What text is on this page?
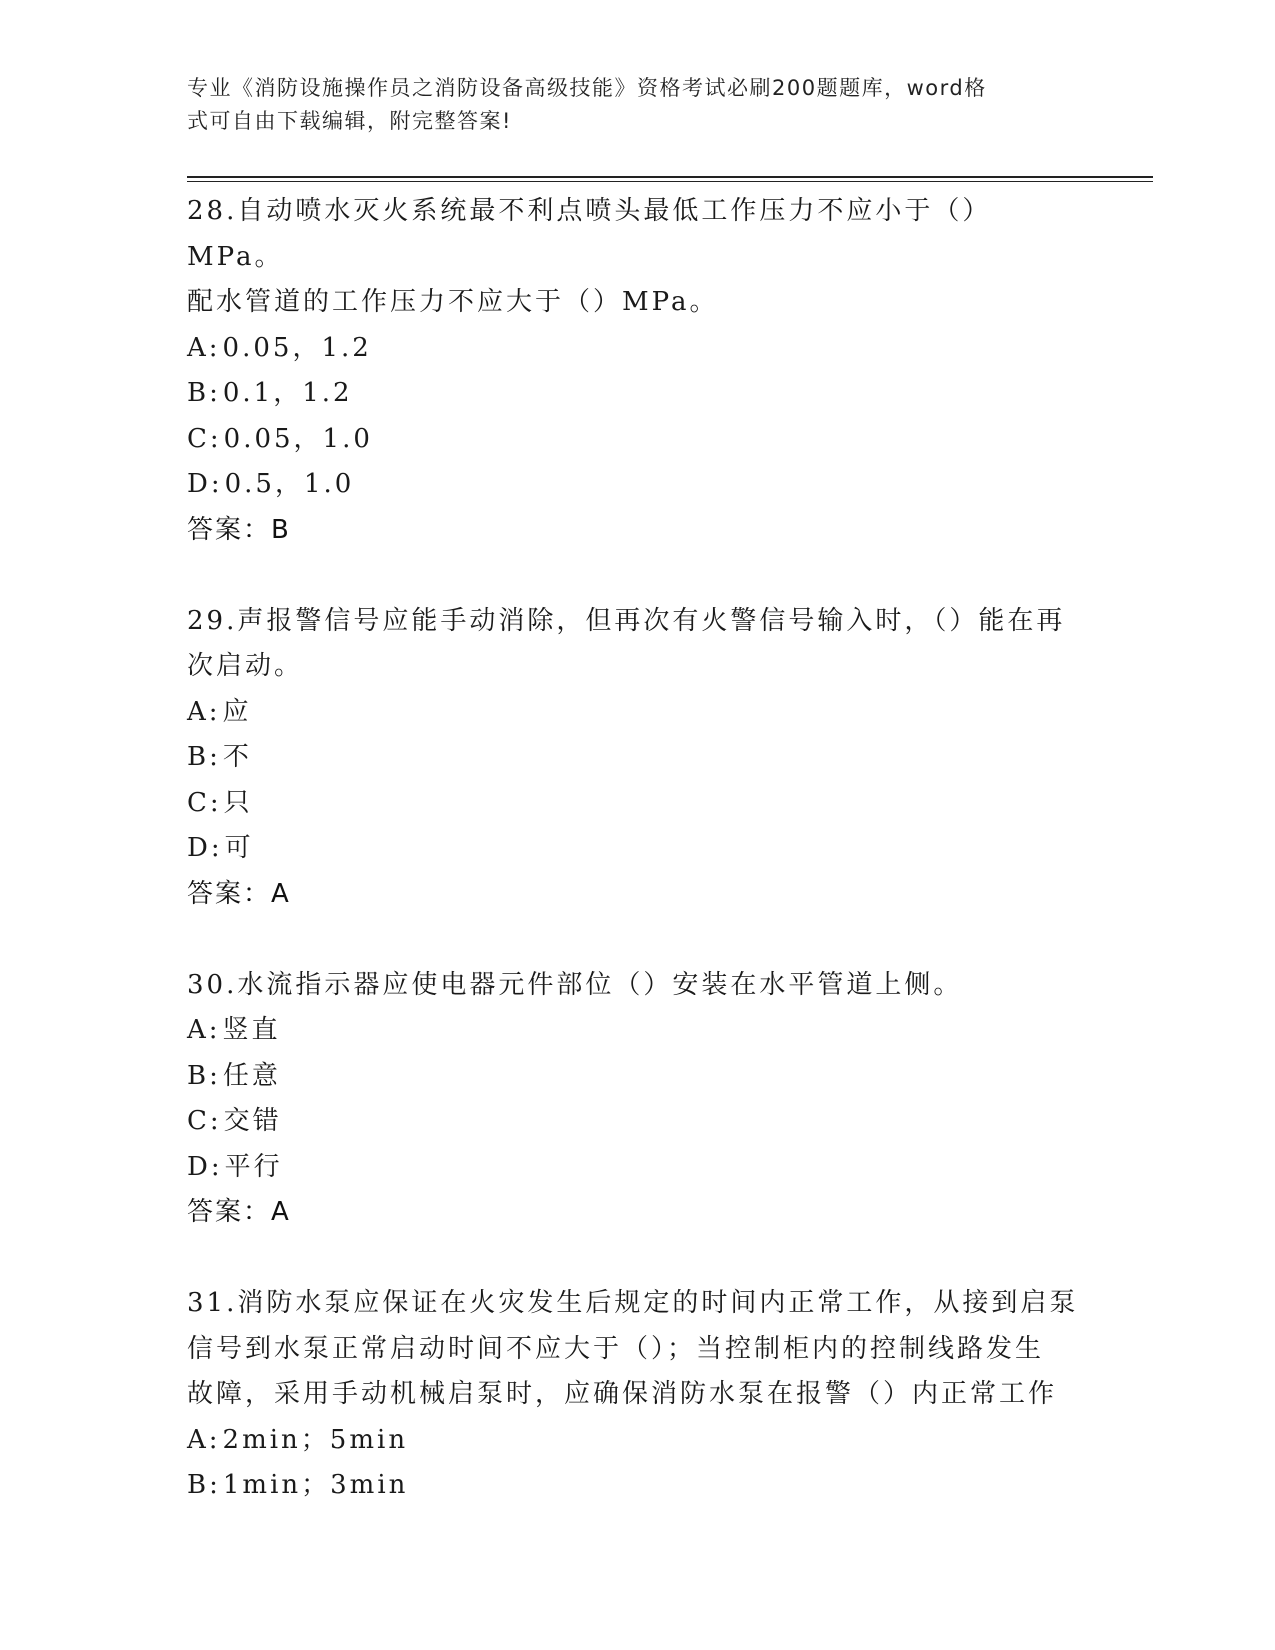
专业《消防设施操作员之消防设备高级技能》资格考试必刷200题题库，word格
式可自由下载编辑，附完整答案!
28.自动喷水灭火系统最不利点喷头最低工作压力不应小于（）MPa。
配水管道的工作压力不应大于（）MPa。
A:0.05，1.2
B:0.1，1.2
C:0.05，1.0
D:0.5，1.0
答案：B
29.声报警信号应能手动消除，但再次有火警信号输入时，（）能在再
次启动。
A:应
B:不
C:只
D:可
答案：A
30.水流指示器应使电器元件部位（）安装在水平管道上侧。
A:竖直
B:任意
C:交错
D:平行
答案：A
31.消防水泵应保证在火灾发生后规定的时间内正常工作，从接到启泵
信号到水泵正常启动时间不应大于（）；当控制柜内的控制线路发生
故障，采用手动机械启泵时，应确保消防水泵在报警（）内正常工作
A:2min；5min
B:1min；3min
